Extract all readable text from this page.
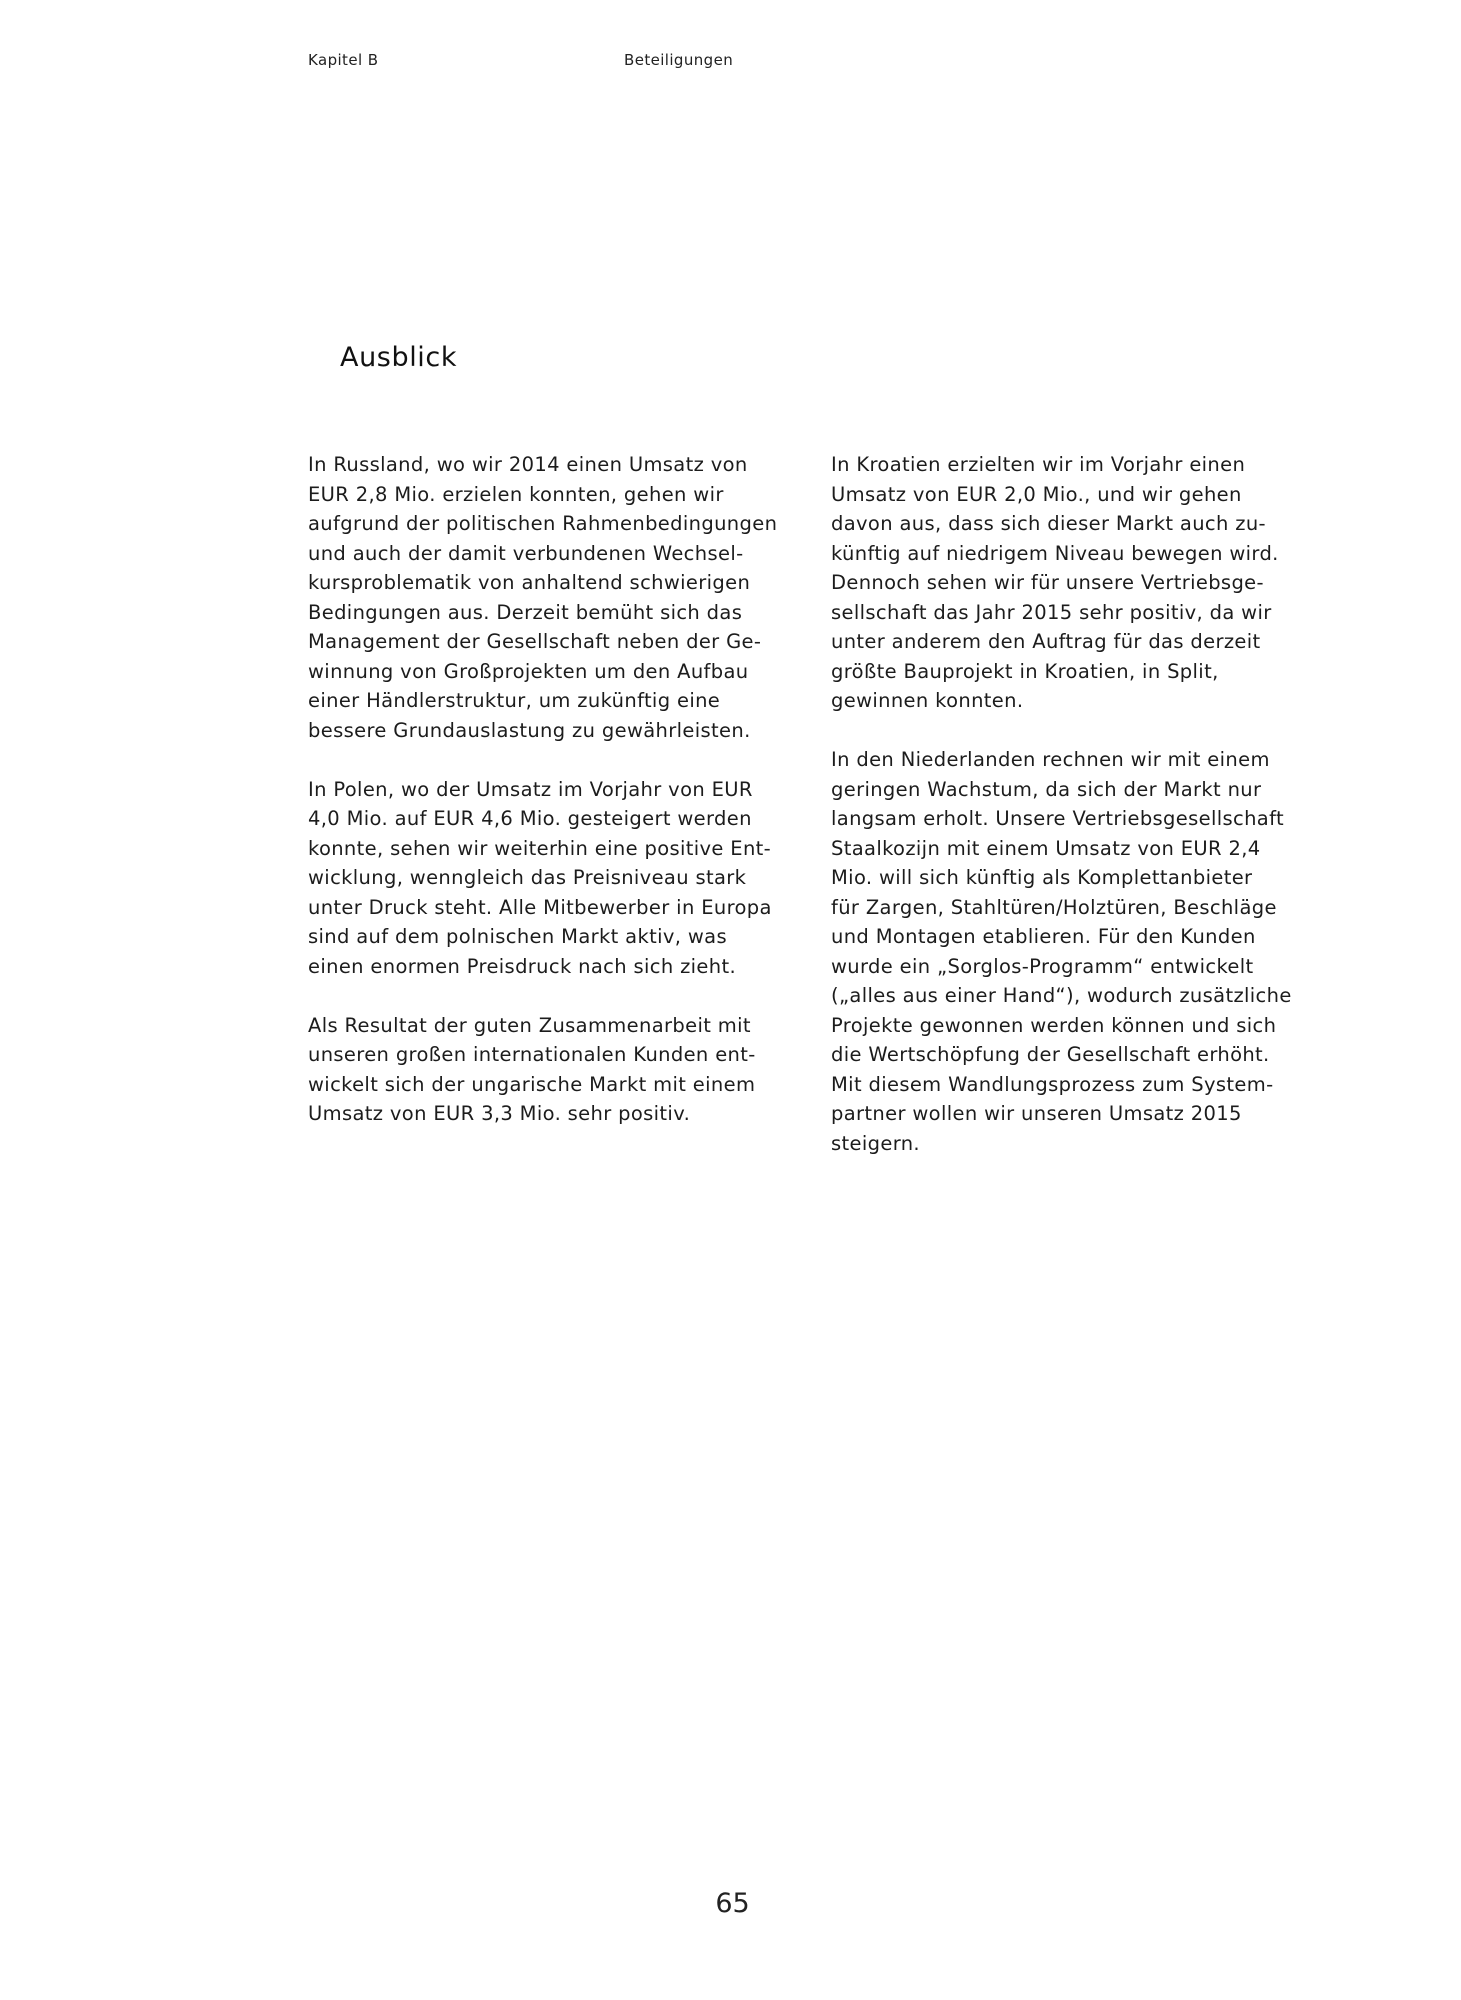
Kapitel B	Beteiligungen
Ausblick

In Russland, wo wir 2014 einen Umsatz von
EUR 2,8 Mio. erzielen konnten, gehen wir
aufgrund der politischen Rahmenbedingungen
und auch der damit verbundenen Wechsel-
kursproblematik von anhaltend schwierigen
Bedingungen aus. Derzeit bemüht sich das
Management der Gesellschaft neben der Ge-
winnung von Großprojekten um den Aufbau
einer Händlerstruktur, um zukünftig eine
bessere Grundauslastung zu gewährleisten.

In Polen, wo der Umsatz im Vorjahr von EUR
4,0 Mio. auf EUR 4,6 Mio. gesteigert werden
konnte, sehen wir weiterhin eine positive Ent-
wicklung, wenngleich das Preisniveau stark
unter Druck steht. Alle Mitbewerber in Europa
sind auf dem polnischen Markt aktiv, was
einen enormen Preisdruck nach sich zieht.

Als Resultat der guten Zusammenarbeit mit
unseren großen internationalen Kunden ent-
wickelt sich der ungarische Markt mit einem
Umsatz von EUR 3,3 Mio. sehr positiv.

In Kroatien erzielten wir im Vorjahr einen
Umsatz von EUR 2,0 Mio., und wir gehen
davon aus, dass sich dieser Markt auch zu-
künftig auf niedrigem Niveau bewegen wird.
Dennoch sehen wir für unsere Vertriebsge-
sellschaft das Jahr 2015 sehr positiv, da wir
unter anderem den Auftrag für das derzeit
größte Bauprojekt in Kroatien, in Split,
gewinnen konnten.

In den Niederlanden rechnen wir mit einem
geringen Wachstum, da sich der Markt nur
langsam erholt. Unsere Vertriebsgesellschaft
Staalkozijn mit einem Umsatz von EUR 2,4
Mio. will sich künftig als Komplettanbieter
für Zargen, Stahltüren/Holztüren, Beschläge
und Montagen etablieren. Für den Kunden
wurde ein „Sorglos-Programm“ entwickelt
(„alles aus einer Hand“), wodurch zusätzliche
Projekte gewonnen werden können und sich
die Wertschöpfung der Gesellschaft erhöht.
Mit diesem Wandlungsprozess zum System-
partner wollen wir unseren Umsatz 2015
steigern.

65
